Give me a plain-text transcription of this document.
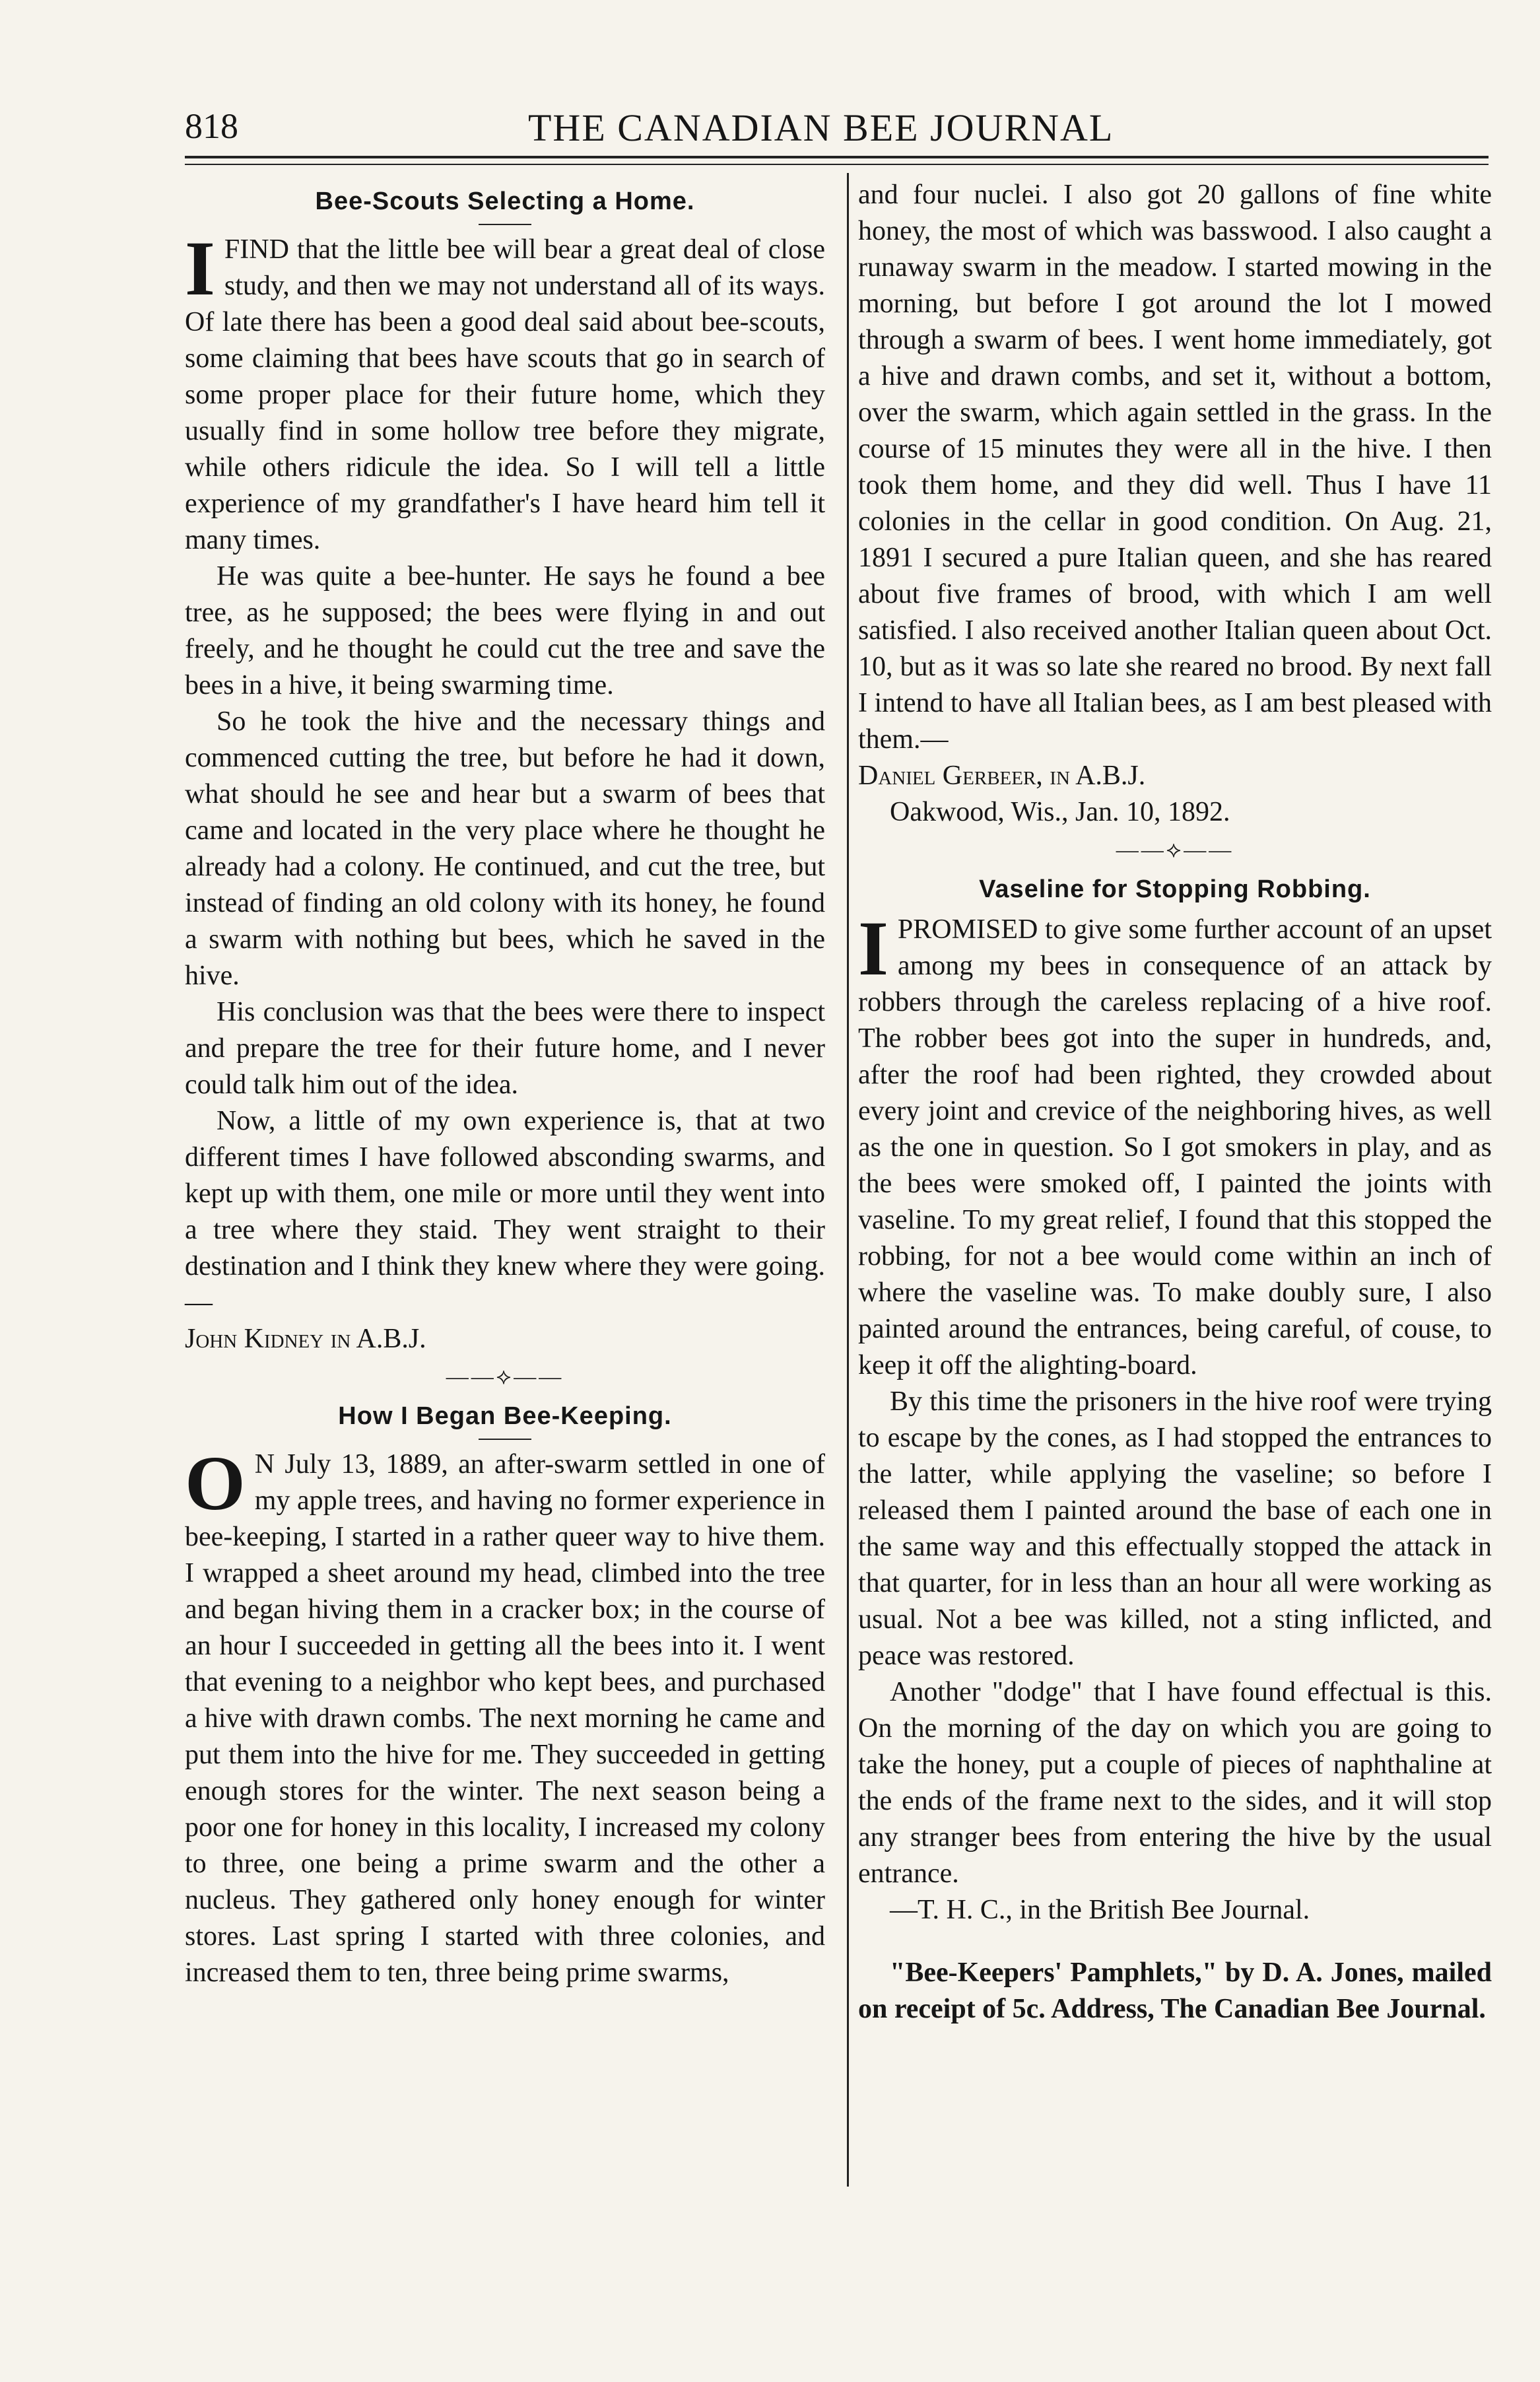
818	THE CANADIAN BEE JOURNAL
Bee-Scouts Selecting a Home.

IFIND that the little bee will bear a great deal of close study, and then we may not understand all of its ways. Of late there has been a good deal said about bee-scouts, some claiming that bees have scouts that go in search of some proper place for their future home, which they usually find in some hollow tree before they migrate, while others ridicule the idea. So I will tell a little experience of my grandfather's I have heard him tell it many times.

He was quite a bee-hunter. He says he found a bee tree, as he supposed; the bees were flying in and out freely, and he thought he could cut the tree and save the bees in a hive, it being swarming time.

So he took the hive and the necessary things and commenced cutting the tree, but before he had it down, what should he see and hear but a swarm of bees that came and located in the very place where he thought he already had a colony. He continued, and cut the tree, but instead of finding an old colony with its honey, he found a swarm with nothing but bees, which he saved in the hive.

His conclusion was that the bees were there to inspect and prepare the tree for their future home, and I never could talk him out of the idea.

Now, a little of my own experience is, that at two different times I have followed absconding swarms, and kept up with them, one mile or more until they went into a tree where they staid. They went straight to their destination and I think they knew where they were going.—

John Kidney in A.B.J.

——⟡——
How I Began Bee-Keeping.

O N July 13, 1889, an after-swarm settled in one of my apple trees, and having no former experience in bee-keeping, I started in a rather queer way to hive them. I wrapped a sheet around my head, climbed into the tree and began hiving them in a cracker box; in the course of an hour I succeeded in getting all the bees into it. I went that evening to a neighbor who kept bees, and purchased a hive with drawn combs. The next morning he came and put them into the hive for me. They succeeded in getting enough stores for the winter. The next season being a poor one for honey in this locality, I increased my colony to three, one being a prime swarm and the other a nucleus. They gathered only honey enough for winter stores. Last spring I started with three colonies, and increased them to ten, three being prime swarms,

and four nuclei. I also got 20 gallons of fine white honey, the most of which was basswood. I also caught a runaway swarm in the meadow. I started mowing in the morning, but before I got around the lot I mowed through a swarm of bees. I went home immediately, got a hive and drawn combs, and set it, without a bottom, over the swarm, which again settled in the grass. In the course of 15 minutes they were all in the hive. I then took them home, and they did well. Thus I have 11 colonies in the cellar in good condition. On Aug. 21, 1891 I secured a pure Italian queen, and she has reared about five frames of brood, with which I am well satisfied. I also received another Italian queen about Oct. 10, but as it was so late she reared no brood. By next fall I intend to have all Italian bees, as I am best pleased with them.—

Daniel Gerbeer, in A.B.J.

Oakwood, Wis., Jan. 10, 1892.

——⟡——
Vaseline for Stopping Robbing.

IPROMISED to give some further account of an upset among my bees in consequence of an attack by robbers through the careless replacing of a hive roof. The robber bees got into the super in hundreds, and, after the roof had been righted, they crowded about every joint and crevice of the neighboring hives, as well as the one in question. So I got smokers in play, and as the bees were smoked off, I painted the joints with vaseline. To my great relief, I found that this stopped the robbing, for not a bee would come within an inch of where the vaseline was. To make doubly sure, I also painted around the entrances, being careful, of couse, to keep it off the alighting-board.

By this time the prisoners in the hive roof were trying to escape by the cones, as I had stopped the entrances to the latter, while applying the vaseline; so before I released them I painted around the base of each one in the same way and this effectually stopped the attack in that quarter, for in less than an hour all were working as usual. Not a bee was killed, not a sting inflicted, and peace was restored.

Another "dodge" that I have found effectual is this. On the morning of the day on which you are going to take the honey, put a couple of pieces of naphthaline at the ends of the frame next to the sides, and it will stop any stranger bees from entering the hive by the usual entrance.

—T. H. C., in the British Bee Journal.

"Bee-Keepers' Pamphlets," by D. A. Jones, mailed on receipt of 5c. Address, The Canadian Bee Journal.
